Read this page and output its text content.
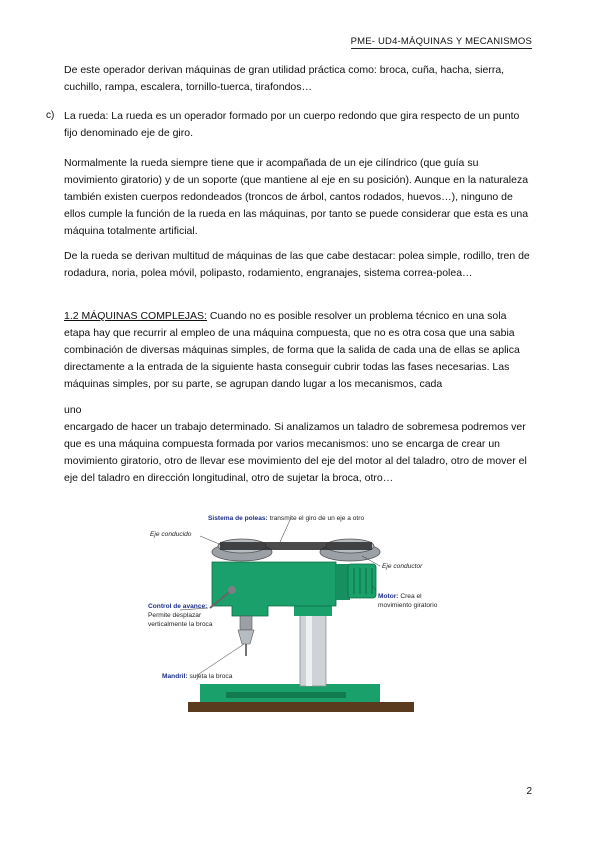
PME- UD4-MÁQUINAS Y MECANISMOS

De este operador derivan máquinas de gran utilidad práctica como: broca, cuña, hacha, sierra, cuchillo, rampa, escalera, tornillo-tuerca, tirafondos…

c) La rueda: La rueda es un operador formado por un cuerpo redondo que gira respecto de un punto fijo denominado eje de giro.

Normalmente la rueda siempre tiene que ir acompañada de un eje cilíndrico (que guía su movimiento giratorio) y de un soporte (que mantiene al eje en su posición). Aunque en la naturaleza también existen cuerpos redondeados (troncos de árbol, cantos rodados, huevos…), ninguno de ellos cumple la función de la rueda en las máquinas, por tanto se puede considerar que esta es una máquina totalmente artificial.

De la rueda se derivan multitud de máquinas de las que cabe destacar: polea simple, rodillo, tren de rodadura, noria, polea móvil, polipasto, rodamiento, engranajes, sistema correa-polea…

1.2 MÁQUINAS COMPLEJAS: Cuando no es posible resolver un problema técnico en una sola etapa hay que recurrir al empleo de una máquina compuesta, que no es otra cosa que una sabia combinación de diversas máquinas simples, de forma que la salida de cada una de ellas se aplica directamente a la entrada de la siguiente hasta conseguir cubrir todas las fases necesarias. Las máquinas simples, por su parte, se agrupan dando lugar a los mecanismos, cada

uno
encargado de hacer un trabajo determinado. Si analizamos un taladro de sobremesa podremos ver que es una máquina compuesta formada por varios mecanismos: uno se encarga de crear un movimiento giratorio, otro de llevar ese movimiento del eje del motor al del taladro, otro de mover el eje del taladro en dirección longitudinal, otro de sujetar la broca, otro…

Sistema de poleas: transmite el giro de un eje a otro
Eje conducido
Eje conductor
Motor: Crea el
movimiento giratorio
Control de avance:
Permite desplazar
verticalmente la broca
Mandril: sujeta la broca
2
